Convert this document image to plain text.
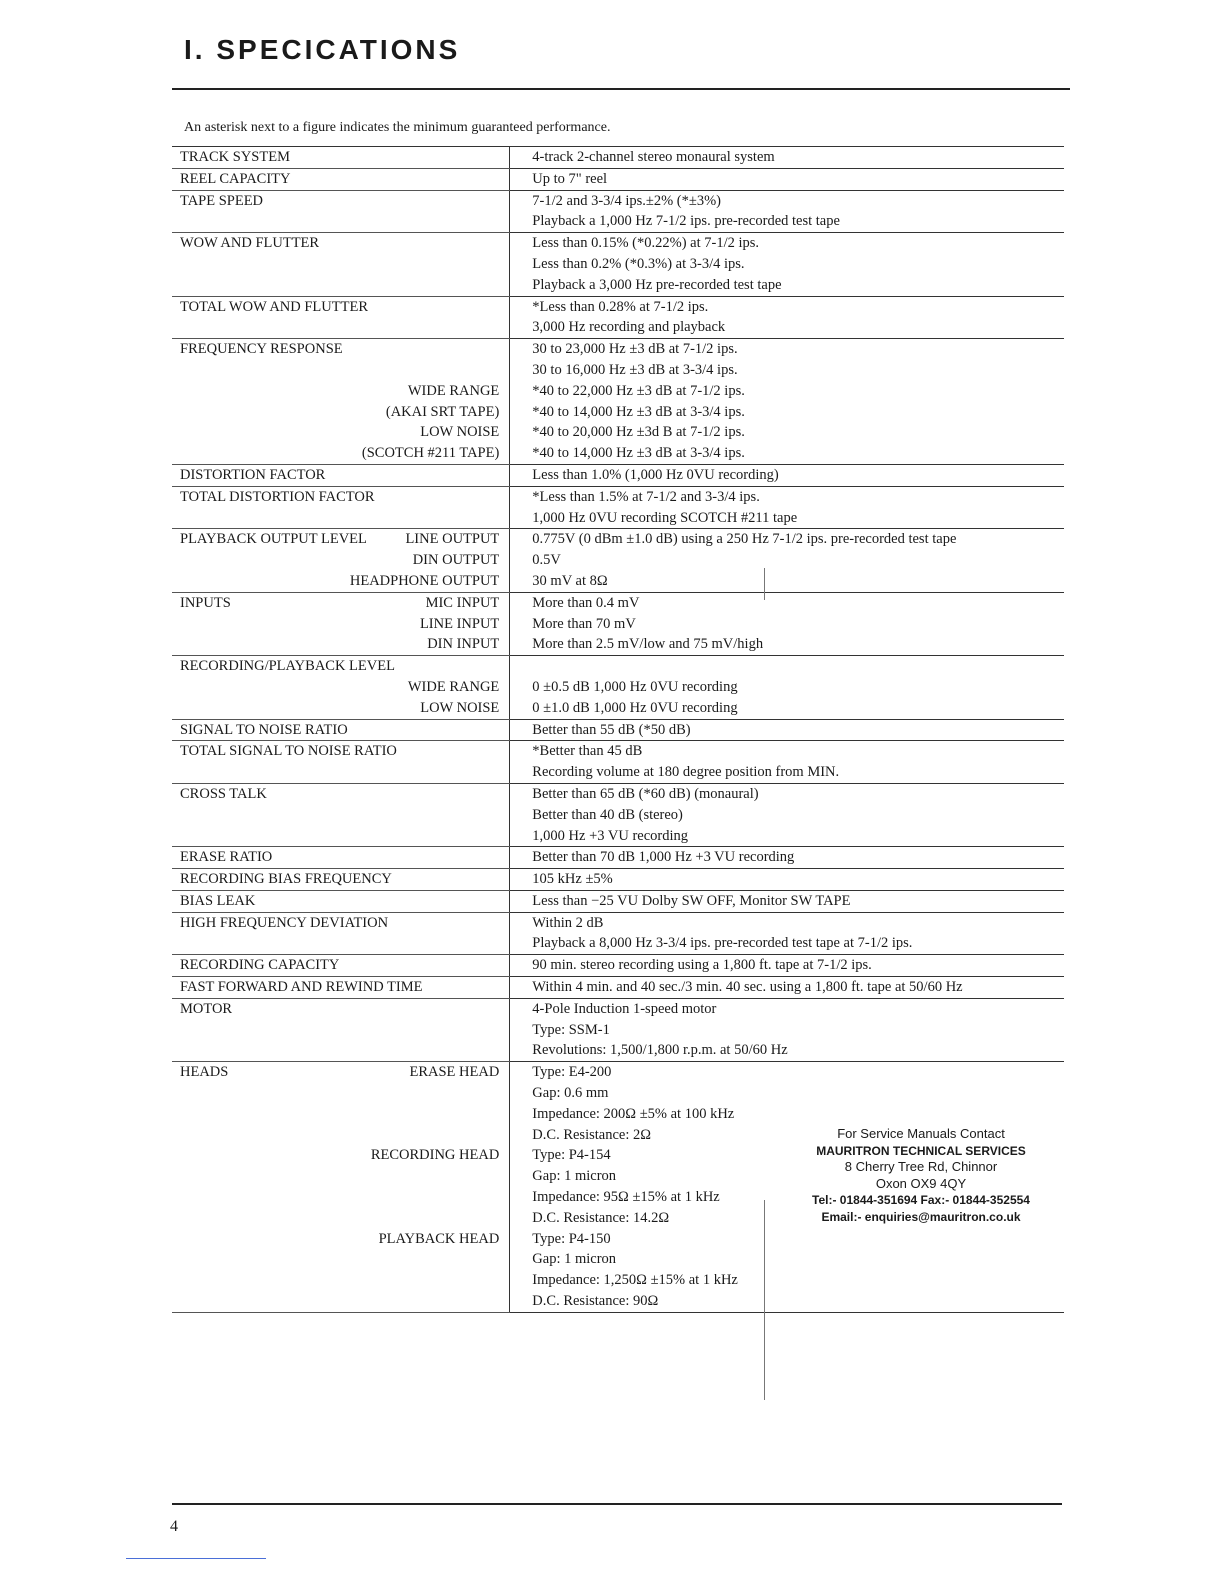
I. SPECICATIONS
An asterisk next to a figure indicates the minimum guaranteed performance.
TRACK SYSTEM	4-track 2-channel stereo monaural system
REEL CAPACITY	Up to 7" reel
TAPE SPEED	7-1/2 and 3-3/4 ips.±2% (*±3%)
	Playback a 1,000 Hz 7-1/2 ips. pre-recorded test tape
WOW AND FLUTTER	Less than 0.15% (*0.22%) at 7-1/2 ips.
	Less than 0.2% (*0.3%) at 3-3/4 ips.
	Playback a 3,000 Hz pre-recorded test tape
TOTAL WOW AND FLUTTER	*Less than 0.28% at 7-1/2 ips.
	3,000 Hz recording and playback
FREQUENCY RESPONSE	30 to 23,000 Hz ±3 dB at 7-1/2 ips.
	30 to 16,000 Hz ±3 dB at 3-3/4 ips.

WIDE RANGE	*40 to 22,000 Hz ±3 dB at 7-1/2 ips.

(AKAI SRT TAPE)	*40 to 14,000 Hz ±3 dB at 3-3/4 ips.

LOW NOISE	*40 to 20,000 Hz ±3d B at 7-1/2 ips.

(SCOTCH #211 TAPE)	*40 to 14,000 Hz ±3 dB at 3-3/4 ips.
DISTORTION FACTOR	Less than 1.0% (1,000 Hz 0VU recording)
TOTAL DISTORTION FACTOR	*Less than 1.5% at 7-1/2 and 3-3/4 ips.
	1,000 Hz 0VU recording SCOTCH #211 tape
PLAYBACK OUTPUT LEVEL LINE OUTPUT	0.775V (0 dBm ±1.0 dB) using a 250 Hz 7-1/2 ips. pre-recorded test tape

DIN OUTPUT	0.5V

HEADPHONE OUTPUT	30 mV at 8Ω
INPUTS MIC INPUT	More than 0.4 mV

LINE INPUT	More than 70 mV

DIN INPUT	More than 2.5 mV/low and 75 mV/high
RECORDING/PLAYBACK LEVEL	

WIDE RANGE	0 ±0.5 dB 1,000 Hz 0VU recording

LOW NOISE	0 ±1.0 dB 1,000 Hz 0VU recording
SIGNAL TO NOISE RATIO	Better than 55 dB (*50 dB)
TOTAL SIGNAL TO NOISE RATIO	*Better than 45 dB
	Recording volume at 180 degree position from MIN.
CROSS TALK	Better than 65 dB (*60 dB) (monaural)
	Better than 40 dB (stereo)
	1,000 Hz +3 VU recording
ERASE RATIO	Better than 70 dB 1,000 Hz +3 VU recording
RECORDING BIAS FREQUENCY	105 kHz ±5%
BIAS LEAK	Less than −25 VU Dolby SW OFF, Monitor SW TAPE
HIGH FREQUENCY DEVIATION	Within 2 dB
	Playback a 8,000 Hz 3-3/4 ips. pre-recorded test tape at 7-1/2 ips.
RECORDING CAPACITY	90 min. stereo recording using a 1,800 ft. tape at 7-1/2 ips.
FAST FORWARD AND REWIND TIME	Within 4 min. and 40 sec./3 min. 40 sec. using a 1,800 ft. tape at 50/60 Hz
MOTOR	4-Pole Induction 1-speed motor
	Type: SSM-1
	Revolutions: 1,500/1,800 r.p.m. at 50/60 Hz
HEADS ERASE HEAD	Type: E4-200
	Gap: 0.6 mm
	Impedance: 200Ω ±5% at 100 kHz
	D.C. Resistance: 2Ω

RECORDING HEAD	Type: P4-154
	Gap: 1 micron
	Impedance: 95Ω ±15% at 1 kHz
	D.C. Resistance: 14.2Ω

PLAYBACK HEAD	Type: P4-150
	Gap: 1 micron
	Impedance: 1,250Ω ±15% at 1 kHz
	D.C. Resistance: 90Ω
For Service Manuals Contact
MAURITRON TECHNICAL SERVICES
8 Cherry Tree Rd, Chinnor
Oxon OX9 4QY
Tel:- 01844-351694 Fax:- 01844-352554
Email:- enquiries@mauritron.co.uk
4
